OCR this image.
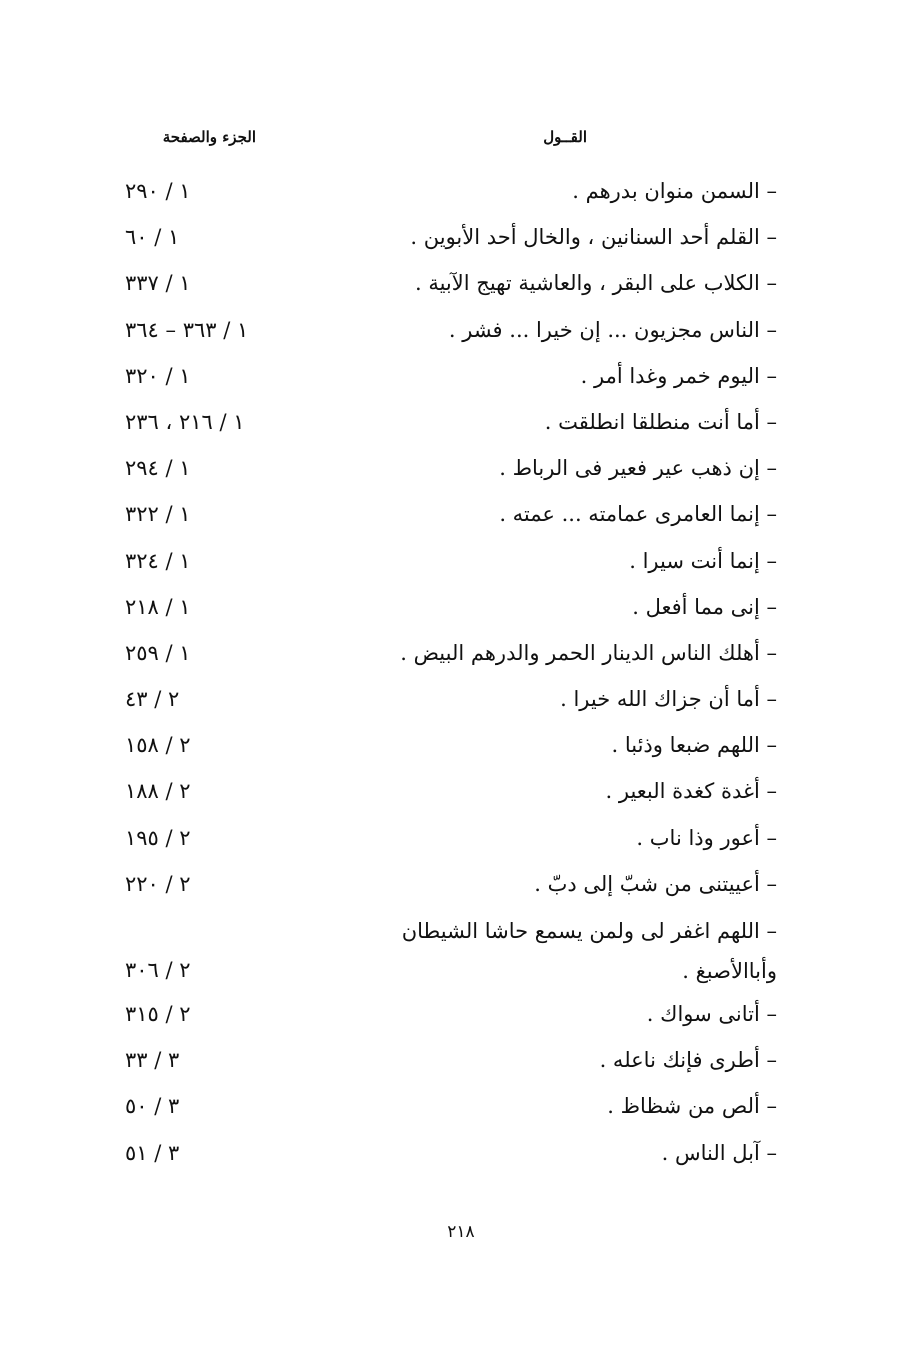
القــول
الجزء والصفحة
– السمن منوان بدرهم .
١ / ٢٩٠
– القلم أحد السنانين ، والخال أحد الأبوين .
١ / ٦٠
– الكلاب على البقر ، والعاشية تهيج الآبية .
١ / ٣٣٧
– الناس مجزيون ... إن خيرا ... فشر .
١ / ٣٦٣ – ٣٦٤
– اليوم خمر وغدا أمر .
١ / ٣٢٠
– أما أنت منطلقا انطلقت .
١ / ٢١٦ ، ٢٣٦
– إن ذهب عير فعير فى الرباط .
١ / ٢٩٤
– إنما العامرى عمامته ... عمته .
١ / ٣٢٢
– إنما أنت سيرا .
١ / ٣٢٤
– إنى مما أفعل .
١ / ٢١٨
– أهلك الناس الدينار الحمر والدرهم البيض .
١ / ٢٥٩
– أما أن جزاك الله خيرا .
٢ / ٤٣
– اللهم ضبعا وذئبا .
٢ / ١٥٨
– أغدة كغدة البعير .
٢ / ١٨٨
– أعور وذا ناب .
٢ / ١٩٥
– أعييتنى من شبّ إلى دبّ .
٢ / ٢٢٠
– اللهم اغفر لى ولمن يسمع حاشا الشيطان وأباالأصبغ .
٢ / ٣٠٦
– أتانى سواك .
٢ / ٣١٥
– أطرى فإنك ناعله .
٣ / ٣٣
– ألص من شظاظ .
٣ / ٥٠
– آبل الناس .
٣ / ٥١
٢١٨
